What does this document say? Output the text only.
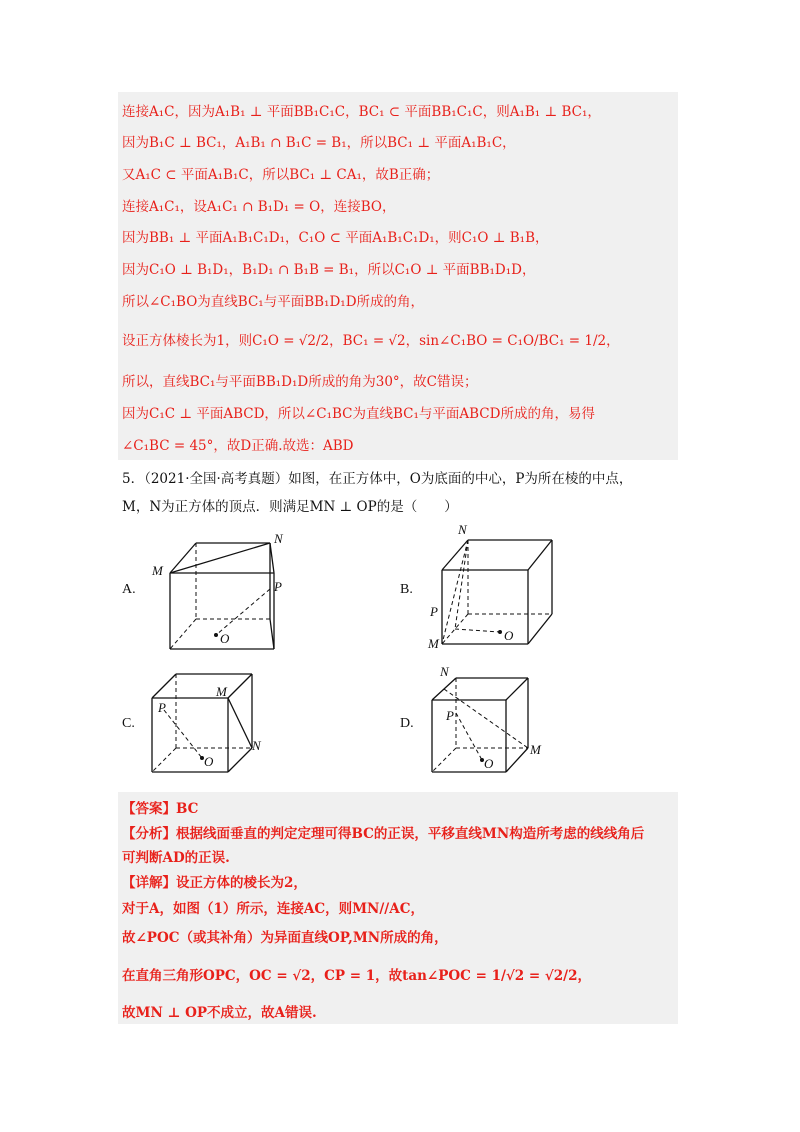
连接A₁C，因为A₁B₁ ⊥ 平面BB₁C₁C，BC₁ ⊂ 平面BB₁C₁C，则A₁B₁ ⊥ BC₁，
因为B₁C ⊥ BC₁，A₁B₁ ∩ B₁C = B₁，所以BC₁ ⊥ 平面A₁B₁C，
又A₁C ⊂ 平面A₁B₁C，所以BC₁ ⊥ CA₁，故B正确；
连接A₁C₁，设A₁C₁ ∩ B₁D₁ = O，连接BO，
因为BB₁ ⊥ 平面A₁B₁C₁D₁，C₁O ⊂ 平面A₁B₁C₁D₁，则C₁O ⊥ B₁B，
因为C₁O ⊥ B₁D₁，B₁D₁ ∩ B₁B = B₁，所以C₁O ⊥ 平面BB₁D₁D，
所以∠C₁BO为直线BC₁与平面BB₁D₁D所成的角，
设正方体棱长为1，则C₁O = √2/2，BC₁ = √2，sin∠C₁BO = C₁O/BC₁ = 1/2，
所以，直线BC₁与平面BB₁D₁D所成的角为30°，故C错误；
因为C₁C ⊥ 平面ABCD，所以∠C₁BC为直线BC₁与平面ABCD所成的角，易得
∠C₁BC = 45°，故D正确.故选：ABD
5．（2021·全国·高考真题）如图，在正方体中，O为底面的中心，P为所在棱的中点，
M，N为正方体的顶点．则满足MN ⊥ OP的是（　　）
A.	B.
C.	D.
M
N
P
O
N
P
M
O
M
P
N
O
N
P
M
O
【答案】BC
【分析】根据线面垂直的判定定理可得BC的正误，平移直线MN构造所考虑的线线角后
可判断AD的正误.
【详解】设正方体的棱长为2，
对于A，如图（1）所示，连接AC，则MN//AC，
故∠POC（或其补角）为异面直线OP,MN所成的角，
在直角三角形OPC，OC = √2，CP = 1，故tan∠POC = 1/√2 = √2/2，
故MN ⊥ OP不成立，故A错误.
